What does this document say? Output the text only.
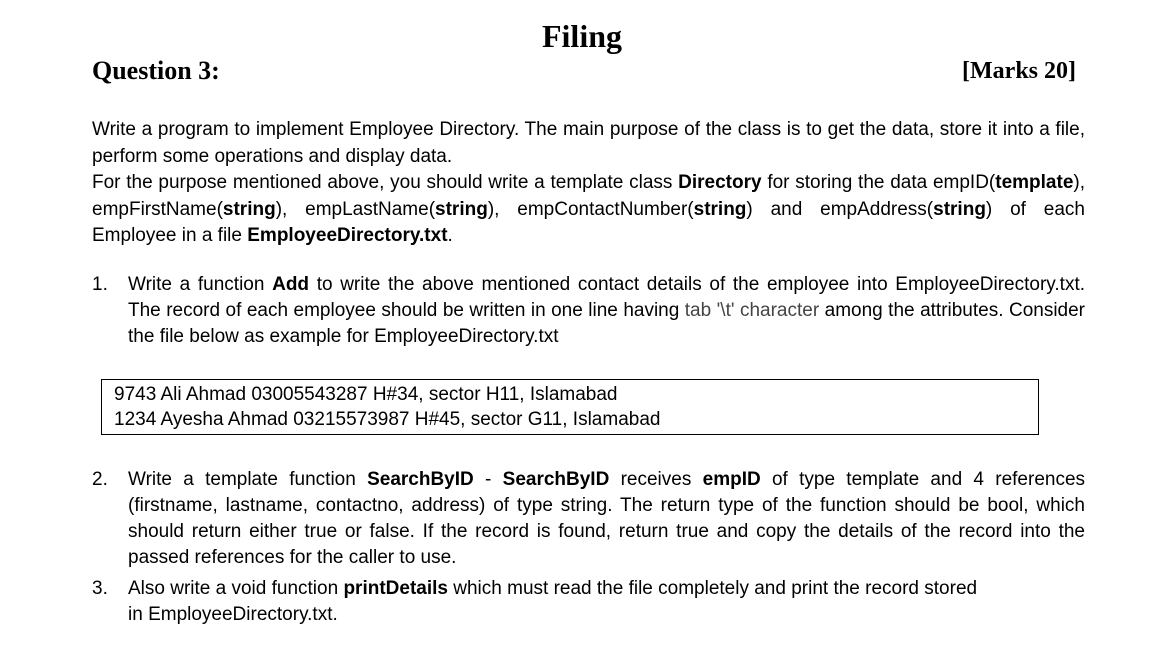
Filing
Question 3:	[Marks 20]

Write a program to implement Employee Directory. The main purpose of the class is to get the data, store it into a file, perform some operations and display data.

For the purpose mentioned above, you should write a template class Directory for storing the data empID(template), empFirstName(string), empLastName(string), empContactNumber(string) and empAddress(string) of each Employee in a file EmployeeDirectory.txt.

1. Write a function Add to write the above mentioned contact details of the employee into EmployeeDirectory.txt. The record of each employee should be written in one line having tab '\t' character among the attributes. Consider the file below as example for EmployeeDirectory.txt
9743 Ali Ahmad 03005543287 H#34, sector H11, Islamabad
1234 Ayesha Ahmad 03215573987 H#45, sector G11, Islamabad
2. Write a template function SearchByID - SearchByID receives empID of type template and 4 references (firstname, lastname, contactno, address) of type string. The return type of the function should be bool, which should return either true or false. If the record is found, return true and copy the details of the record into the passed references for the caller to use.
3. Also write a void function printDetails which must read the file completely and print the record stored
in EmployeeDirectory.txt.
